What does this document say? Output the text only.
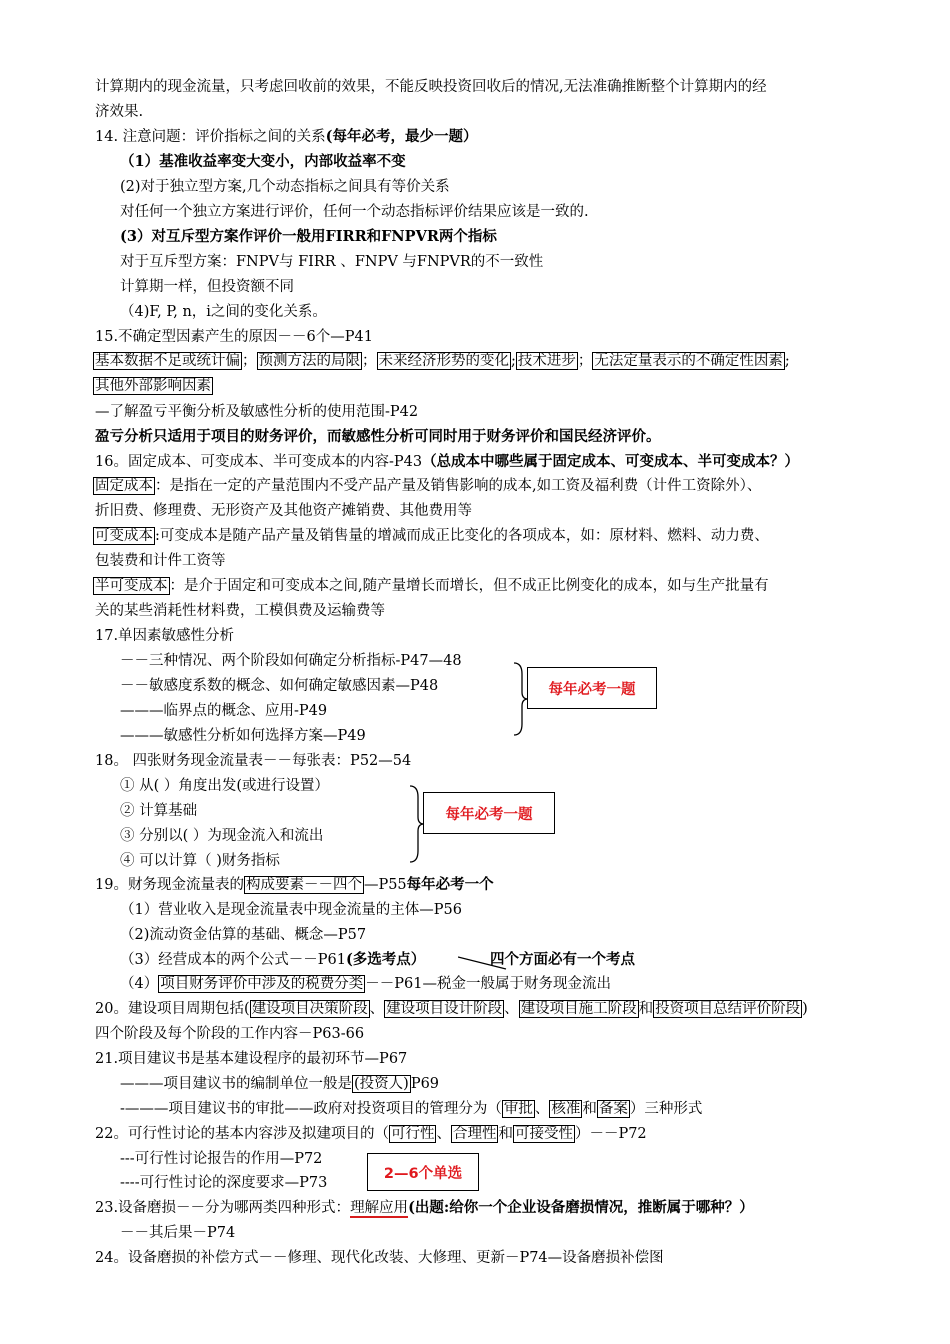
计算期内的现金流量，只考虑回收前的效果，不能反映投资回收后的情况,无法准确推断整个计算期内的经
济效果.
14. 注意问题：评价指标之间的关系(每年必考，最少一题）
（1）基准收益率变大变小，内部收益率不变
(2)对于独立型方案,几个动态指标之间具有等价关系
对任何一个独立方案进行评价，任何一个动态指标评价结果应该是一致的.
(3）对互斥型方案作评价一般用FIRR和FNPVR两个指标
对于互斥型方案：FNPV与 FIRR 、FNPV 与FNPVR的不一致性
计算期一样，但投资额不同
（4)F, P, n，i之间的变化关系。
15.不确定型因素产生的原因－－6个—P41
基本数据不足或统计偏 ； 预测方法的局限 ； 未来经济形势的变化 ; 技术进步 ； 无法定量表示的不确定性因素 ;
其他外部影响因素
—了解盈亏平衡分析及敏感性分析的使用范围-P42
盈亏分析只适用于项目的财务评价，而敏感性分析可同时用于财务评价和国民经济评价。
16。固定成本、可变成本、半可变成本的内容-P43（总成本中哪些属于固定成本、可变成本、半可变成本？）
固定成本 ：是指在一定的产量范围内不受产品产量及销售影响的成本,如工资及福利费（计件工资除外）、
折旧费、修理费、无形资产及其他资产摊销费、其他费用等
可变成本 :可变成本是随产品产量及销售量的增减而成正比变化的各项成本，如：原材料、燃料、动力费、
包装费和计件工资等
半可变成本 ：是介于固定和可变成本之间,随产量增长而增长，但不成正比例变化的成本，如与生产批量有
关的某些消耗性材料费，工模俱费及运输费等
17.单因素敏感性分析
－－三种情况、两个阶段如何确定分析指标-P47—48
－－敏感度系数的概念、如何确定敏感因素—P48
———临界点的概念、应用-P49
———敏感性分析如何选择方案—P49
每年必考一题
18。 四张财务现金流量表－－每张表：P52—54
① 从( ）角度出发(或进行设置）
② 计算基础
③ 分别以( ）为现金流入和流出
④ 可以计算（ )财务指标
每年必考一题
19。财务现金流量表的 构成要素－－四个 —P55每年必考一个
（1）营业收入是现金流量表中现金流量的主体—P56
（2)流动资金估算的基础、概念—P57
（3）经营成本的两个公式－－P61(多选考点）	四个方面必有一个考点
（4） 项目财务评价中涉及的税费分类 －－P61—税金一般属于财务现金流出
20。建设项目周期包括( 建设项目决策阶段 、 建设项目设计阶段 、 建设项目施工阶段 和 投资项目总结评价阶段 )
四个阶段及每个阶段的工作内容－P63-66
21.项目建议书是基本建设程序的最初环节—P67
———项目建议书的编制单位一般是 (投资人) P69
-———项目建议书的审批——政府对投资项目的管理分为（ 审批 、 核准 和 备案 ）三种形式
22。可行性讨论的基本内容涉及拟建项目的（ 可行性 、 合理性 和 可接受性 ）－－P72
---可行性讨论报告的作用—P72
----可行性讨论的深度要求—P73
2—6个单选
23.设备磨损－－分为哪两类四种形式：理解应用(出题:给你一个企业设备磨损情况，推断属于哪种？）
－－其后果－P74
24。设备磨损的补偿方式－－修理、现代化改装、大修理、更新－P74—设备磨损补偿图
